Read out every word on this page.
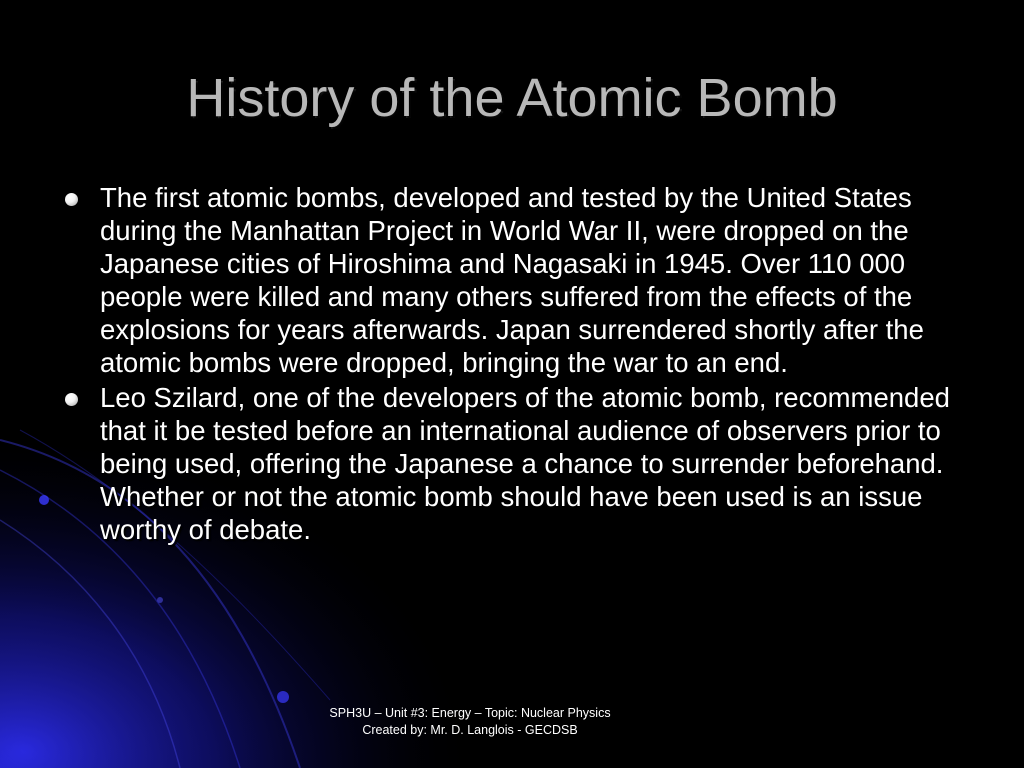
History of the Atomic Bomb
The first atomic bombs, developed and tested by the United States during the Manhattan Project in World War II, were dropped on the Japanese cities of Hiroshima and Nagasaki in 1945. Over 110 000 people were killed and many others suffered from the effects of the explosions for years afterwards. Japan surrendered shortly after the atomic bombs were dropped, bringing the war to an end.
Leo Szilard, one of the developers of the atomic bomb, recommended that it be tested before an international audience of observers prior to being used, offering the Japanese a chance to surrender beforehand. Whether or not the atomic bomb should have been used is an issue worthy of debate.
SPH3U – Unit #3: Energy – Topic: Nuclear Physics
Created by: Mr. D. Langlois - GECDSB
